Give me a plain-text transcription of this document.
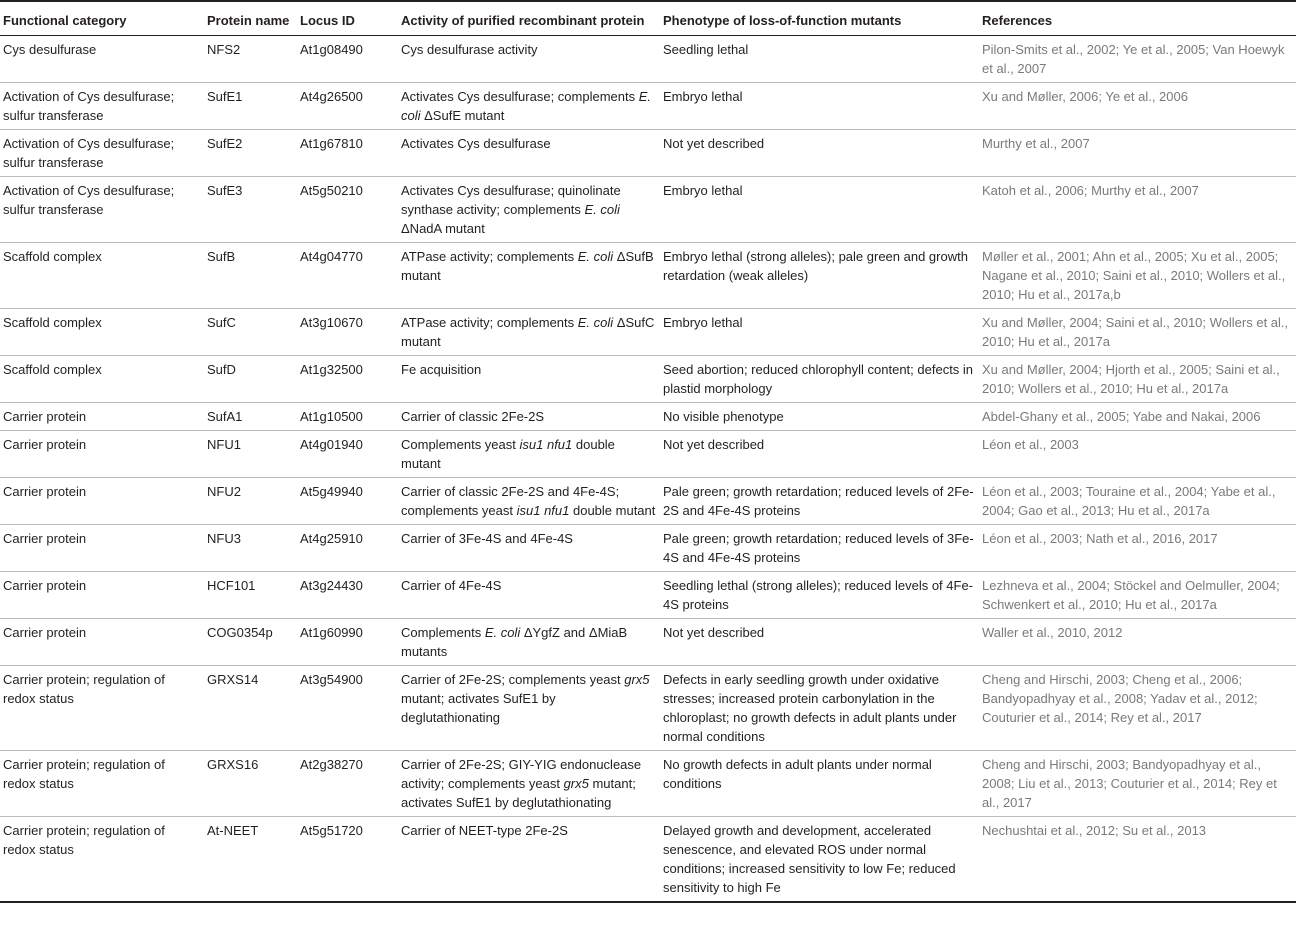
Functional category	Protein name	Locus ID	Activity of purified recombinant protein	Phenotype of loss-of-function mutants	References
Cys desulfurase	NFS2	At1g08490	Cys desulfurase activity	Seedling lethal	Pilon-Smits et al., 2002; Ye et al., 2005; Van Hoewyk et al., 2007
Activation of Cys desulfurase; sulfur transferase	SufE1	At4g26500	Activates Cys desulfurase; complements E. coli ΔSufE mutant	Embryo lethal	Xu and Møller, 2006; Ye et al., 2006
Activation of Cys desulfurase; sulfur transferase	SufE2	At1g67810	Activates Cys desulfurase	Not yet described	Murthy et al., 2007
Activation of Cys desulfurase; sulfur transferase	SufE3	At5g50210	Activates Cys desulfurase; quinolinate synthase activity; complements E. coli ΔNadA mutant	Embryo lethal	Katoh et al., 2006; Murthy et al., 2007
Scaffold complex	SufB	At4g04770	ATPase activity; complements E. coli ΔSufB mutant	Embryo lethal (strong alleles); pale green and growth retardation (weak alleles)	Møller et al., 2001; Ahn et al., 2005; Xu et al., 2005; Nagane et al., 2010; Saini et al., 2010; Wollers et al., 2010; Hu et al., 2017a,b
Scaffold complex	SufC	At3g10670	ATPase activity; complements E. coli ΔSufC mutant	Embryo lethal	Xu and Møller, 2004; Saini et al., 2010; Wollers et al., 2010; Hu et al., 2017a
Scaffold complex	SufD	At1g32500	Fe acquisition	Seed abortion; reduced chlorophyll content; defects in plastid morphology	Xu and Møller, 2004; Hjorth et al., 2005; Saini et al., 2010; Wollers et al., 2010; Hu et al., 2017a
Carrier protein	SufA1	At1g10500	Carrier of classic 2Fe-2S	No visible phenotype	Abdel-Ghany et al., 2005; Yabe and Nakai, 2006
Carrier protein	NFU1	At4g01940	Complements yeast isu1 nfu1 double mutant	Not yet described	Léon et al., 2003
Carrier protein	NFU2	At5g49940	Carrier of classic 2Fe-2S and 4Fe-4S; complements yeast isu1 nfu1 double mutant	Pale green; growth retardation; reduced levels of 2Fe-2S and 4Fe-4S proteins	Léon et al., 2003; Touraine et al., 2004; Yabe et al., 2004; Gao et al., 2013; Hu et al., 2017a
Carrier protein	NFU3	At4g25910	Carrier of 3Fe-4S and 4Fe-4S	Pale green; growth retardation; reduced levels of 3Fe-4S and 4Fe-4S proteins	Léon et al., 2003; Nath et al., 2016, 2017
Carrier protein	HCF101	At3g24430	Carrier of 4Fe-4S	Seedling lethal (strong alleles); reduced levels of 4Fe-4S proteins	Lezhneva et al., 2004; Stöckel and Oelmuller, 2004; Schwenkert et al., 2010; Hu et al., 2017a
Carrier protein	COG0354p	At1g60990	Complements E. coli ΔYgfZ and ΔMiaB mutants	Not yet described	Waller et al., 2010, 2012
Carrier protein; regulation of redox status	GRXS14	At3g54900	Carrier of 2Fe-2S; complements yeast grx5 mutant; activates SufE1 by deglutathionating	Defects in early seedling growth under oxidative stresses; increased protein carbonylation in the chloroplast; no growth defects in adult plants under normal conditions	Cheng and Hirschi, 2003; Cheng et al., 2006; Bandyopadhyay et al., 2008; Yadav et al., 2012; Couturier et al., 2014; Rey et al., 2017
Carrier protein; regulation of redox status	GRXS16	At2g38270	Carrier of 2Fe-2S; GIY-YIG endonuclease activity; complements yeast grx5 mutant; activates SufE1 by deglutathionating	No growth defects in adult plants under normal conditions	Cheng and Hirschi, 2003; Bandyopadhyay et al., 2008; Liu et al., 2013; Couturier et al., 2014; Rey et al., 2017
Carrier protein; regulation of redox status	At-NEET	At5g51720	Carrier of NEET-type 2Fe-2S	Delayed growth and development, accelerated senescence, and elevated ROS under normal conditions; increased sensitivity to low Fe; reduced sensitivity to high Fe	Nechushtai et al., 2012; Su et al., 2013
